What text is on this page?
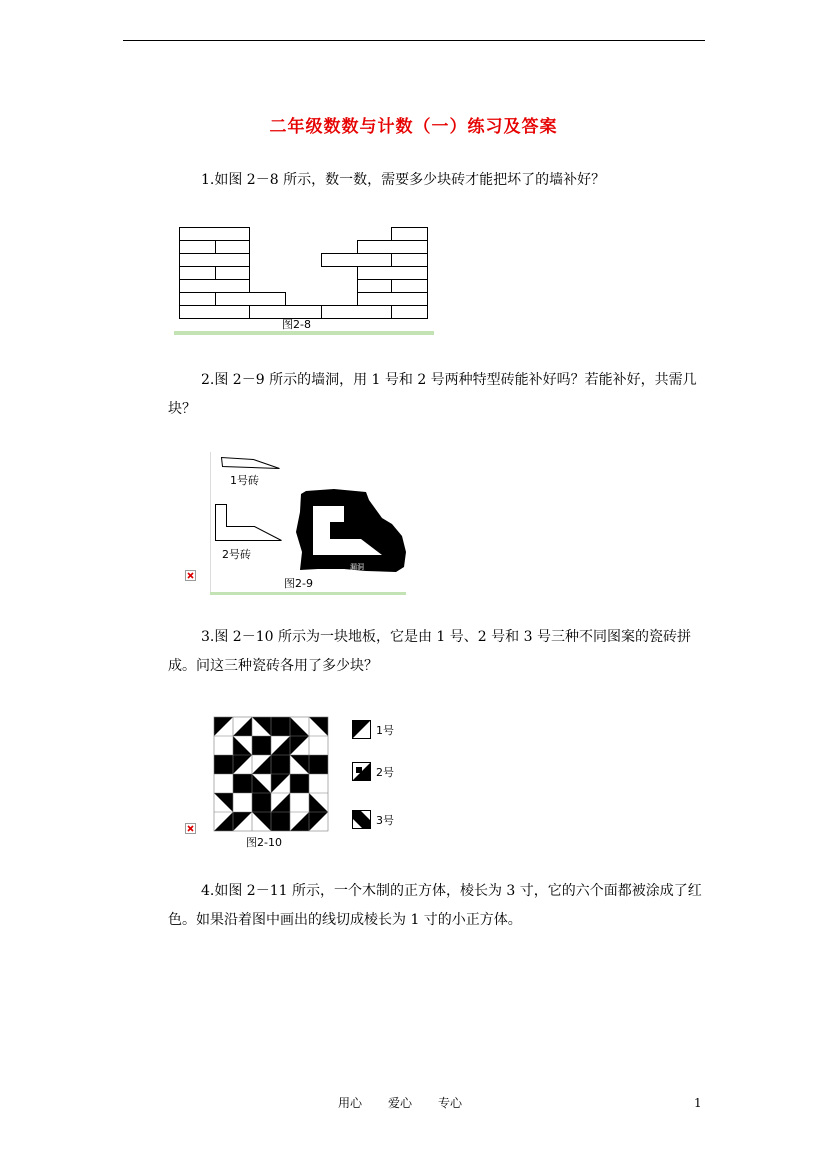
二年级数数与计数（一）练习及答案
1.如图 2－8 所示，数一数，需要多少块砖才能把坏了的墙补好？
图2-8
2.图 2－9 所示的墙洞，用 1 号和 2 号两种特型砖能补好吗？若能补好，共需几块？
1号砖
2号砖
漏洞
图2-9
3.图 2－10 所示为一块地板，它是由 1 号、2 号和 3 号三种不同图案的瓷砖拼成。问这三种瓷砖各用了多少块？
图2-10
1号
2号
3号
4.如图 2－11 所示，一个木制的正方体，棱长为 3 寸，它的六个面都被涂成了红色。如果沿着图中画出的线切成棱长为 1 寸的小正方体。
用心 爱心 专心	1
